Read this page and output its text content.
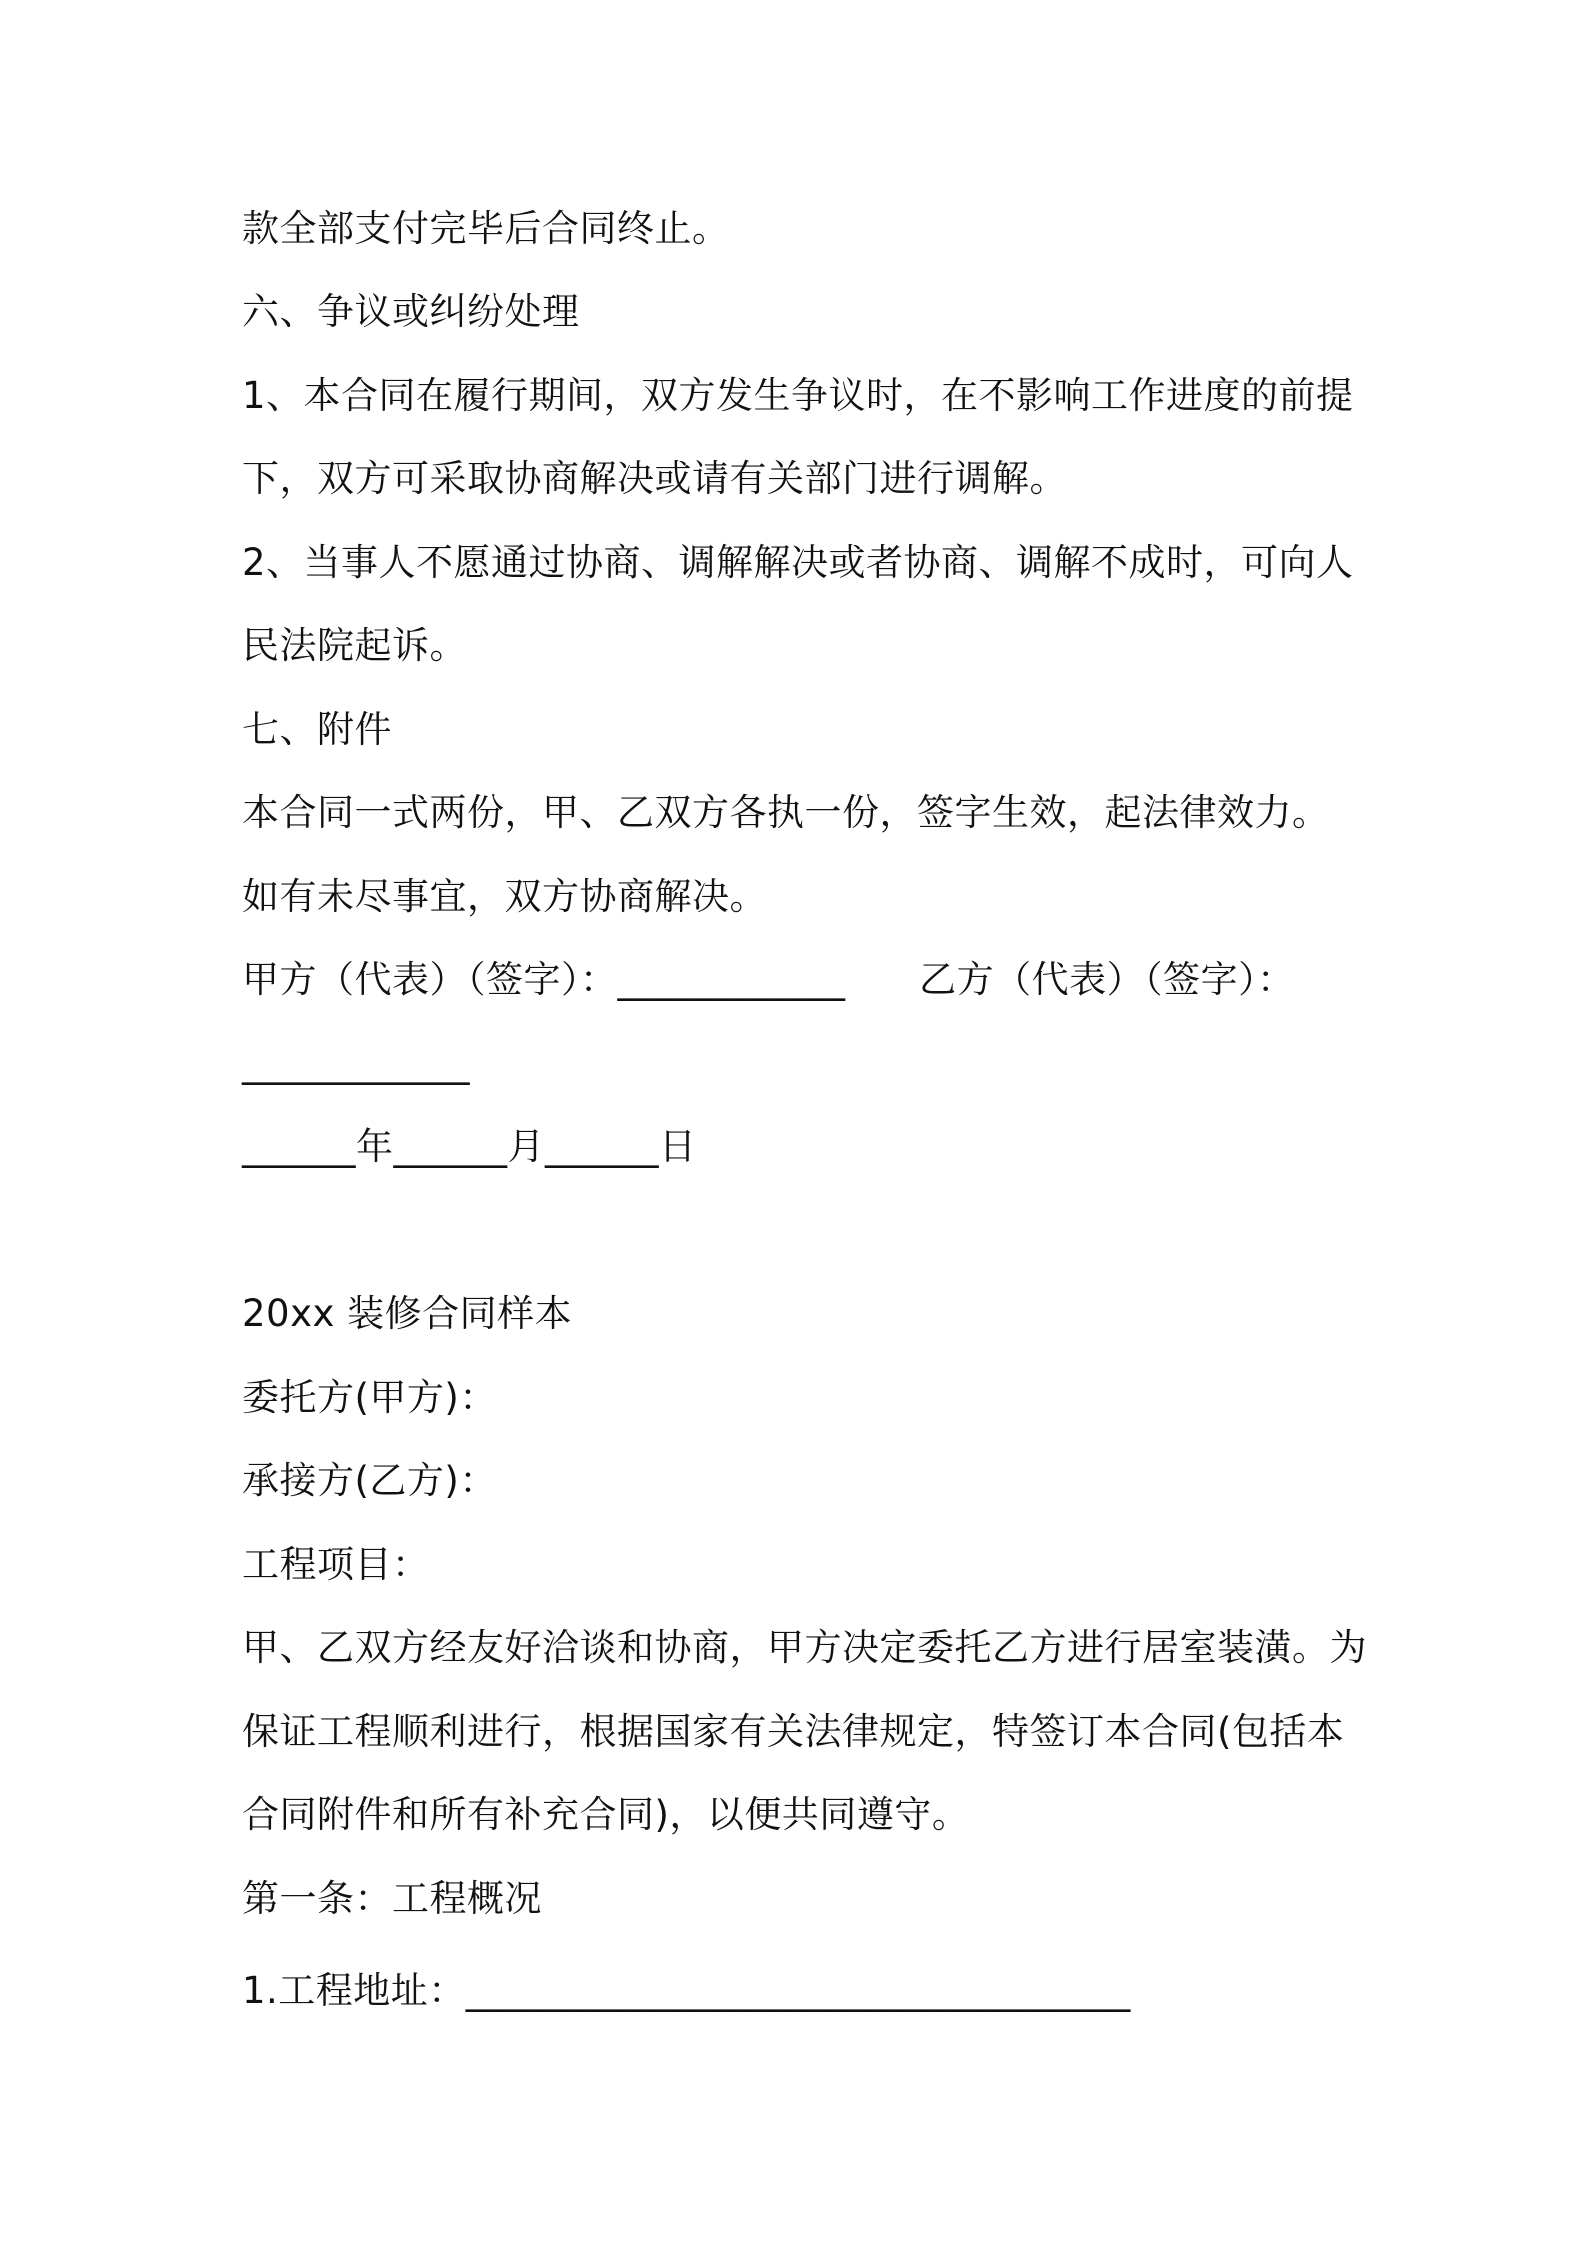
款全部支付完毕后合同终止。
六、争议或纠纷处理
1、本合同在履行期间，双方发生争议时，在不影响工作进度的前提
下，双方可采取协商解决或请有关部门进行调解。
2、当事人不愿通过协商、调解解决或者协商、调解不成时，可向人
民法院起诉。
七、附件
本合同一式两份，甲、乙双方各执一份，签字生效，起法律效力。
如有未尽事宜，双方协商解决。
甲方（代表）（签字）：____________      乙方（代表）（签字）：
____________
______年______月______日
20xx 装修合同样本
委托方(甲方)：
承接方(乙方)：
工程项目：
甲、乙双方经友好洽谈和协商，甲方决定委托乙方进行居室装潢。为
保证工程顺利进行，根据国家有关法律规定，特签订本合同(包括本
合同附件和所有补充合同)，以便共同遵守。
第一条：工程概况
1.工程地址：___________________________________
